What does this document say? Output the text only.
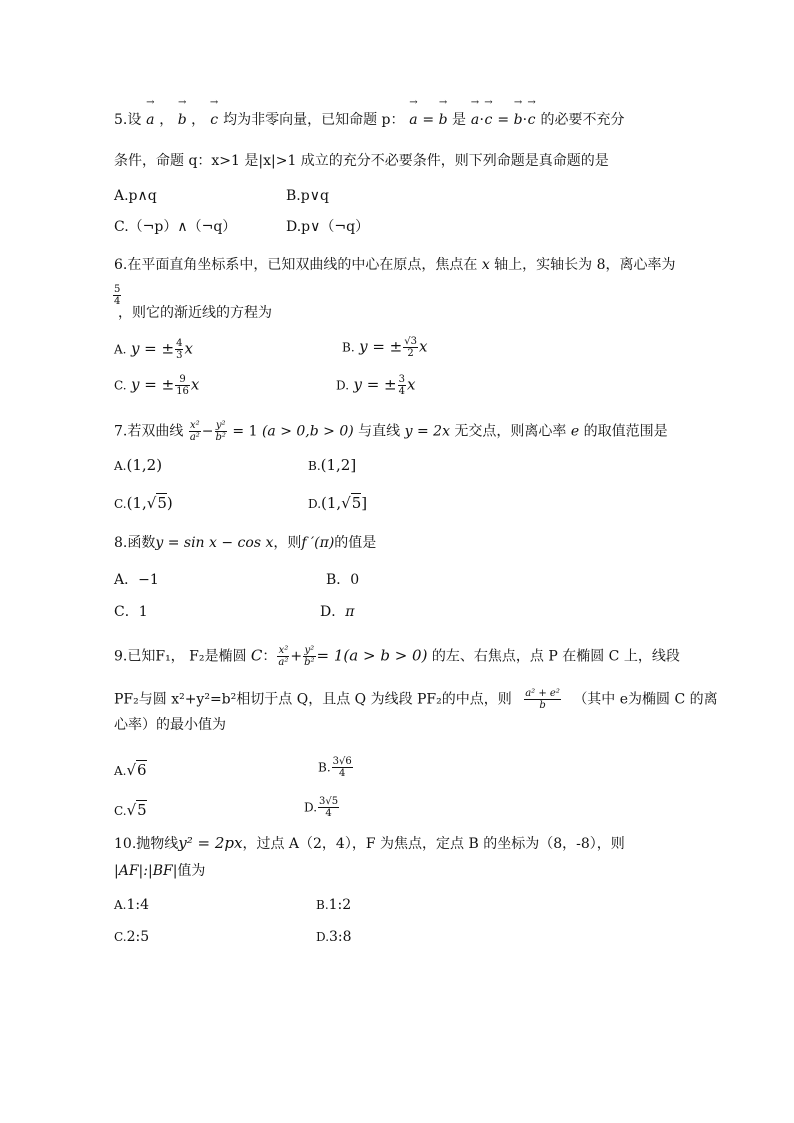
5.设
→
a ，
→
b ，
→
c 均为非零向量，已知命题 p：
→
a =
→
b 是
→
a·
→
c =
→
b·
→
c 的必要不充分
条件，命题 q：x>1 是|x|>1 成立的充分不必要条件，则下列命题是真命题的是
A.p∧q	B.p∨q
C.（¬p）∧（¬q）	D.p∨（¬q）
6.在平面直角坐标系中，已知双曲线的中心在原点，焦点在 x 轴上，实轴长为 8，离心率为
$\frac{5}{4}$
，则它的渐近线的方程为
A. y = ± $\frac{4}{3}$ x	B. y = ± $\frac{√3}{2}$ x
C. y = ± $\frac{9}{16}$ x	D. y = ± $\frac{3}{4}$ x
7.若双曲线 $\frac{\text{x²}}{\text{a²}} - \frac{\text{y²}}{\text{b²}} = 1$ (a > 0,b > 0) 与直线 y = 2x 无交点，则离心率 e 的取值范围是
A.(1,2)	B.(1,2]
C.(1,√5)	D.(1,√5]
8.函数y = sin x − cos x，则f ′(π)的值是
A．−1	B．0
C．1	D．π
9.已知F₁， F₂是椭圆 C： $\frac{\text{x²}}{\text{a²}} + \frac{\text{y²}}{\text{b²}} = 1(a > b > 0)$ 的左、右焦点，点 P 在椭圆 C 上，线段
PF₂与圆 x²+y²=b²相切于点 Q，且点 Q 为线段 PF₂的中点，则 $\frac{\text{a² + e²}}{b}$ （其中 e为椭圆 C 的离
心率）的最小值为
A.√6	B. $\frac{3√6}{4}$
C.√5	D. $\frac{3√5}{4}$
10.抛物线y² = 2px，过点 A（2，4），F 为焦点，定点 B 的坐标为（8，-8），则
|AF|:|BF|值为
A.1:4	B.1:2
C.2:5	D.3:8
